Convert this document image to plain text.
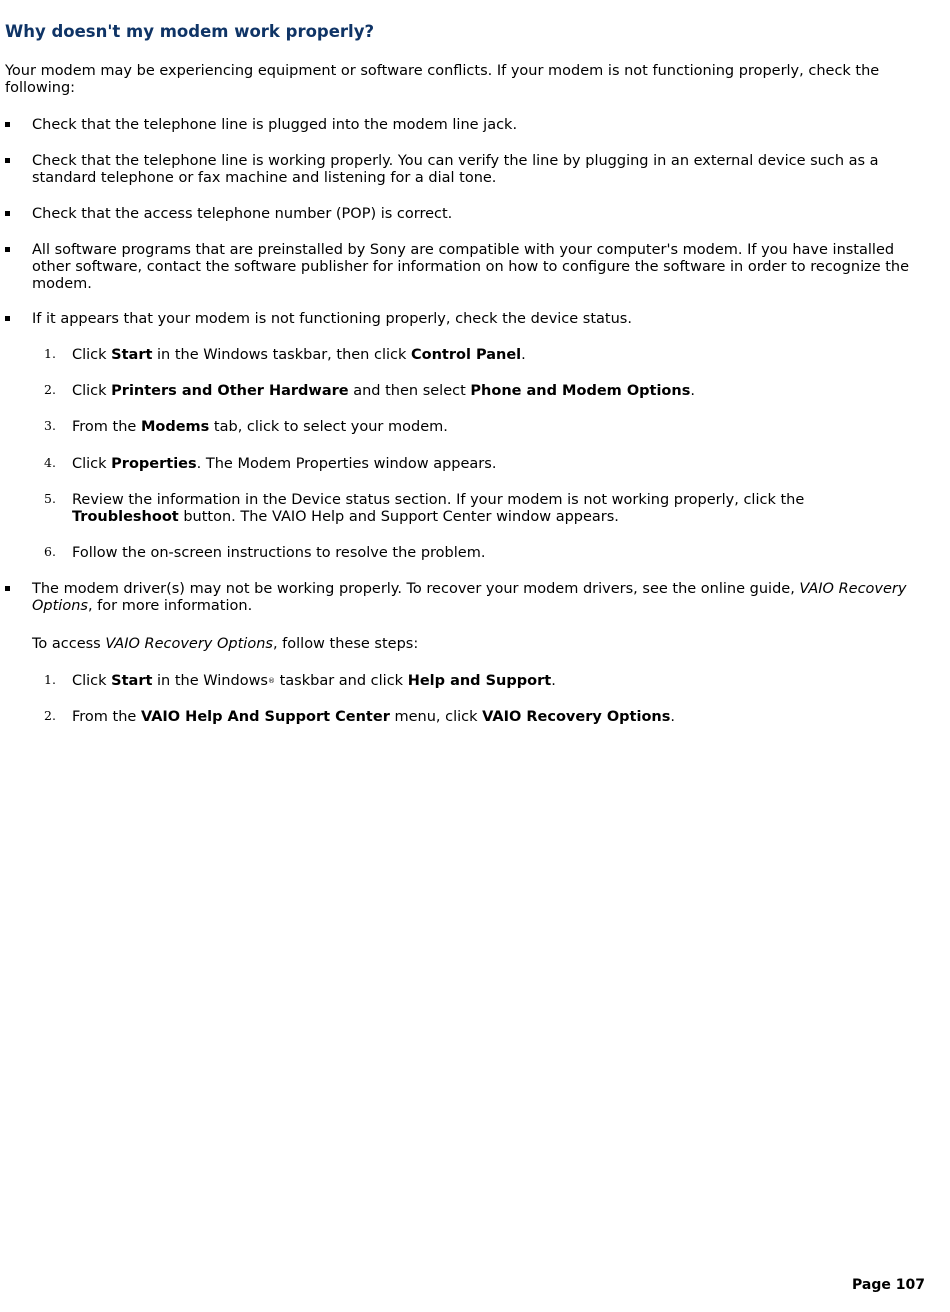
Why doesn't my modem work properly?

Your modem may be experiencing equipment or software conflicts. If your modem is not functioning properly, check the following:

Check that the telephone line is plugged into the modem line jack.
Check that the telephone line is working properly. You can verify the line by plugging in an external device such as a standard telephone or fax machine and listening for a dial tone.
Check that the access telephone number (POP) is correct.
All software programs that are preinstalled by Sony are compatible with your computer's modem. If you have installed other software, contact the software publisher for information on how to configure the software in order to recognize the modem.
If it appears that your modem is not functioning properly, check the device status.
1. Click Start in the Windows taskbar, then click Control Panel.
2. Click Printers and Other Hardware and then select Phone and Modem Options.
3. From the Modems tab, click to select your modem.
4. Click Properties. The Modem Properties window appears.
5. Review the information in the Device status section. If your modem is not working properly, click the Troubleshoot button. The VAIO Help and Support Center window appears.
6. Follow the on-screen instructions to resolve the problem.
The modem driver(s) may not be working properly. To recover your modem drivers, see the online guide, VAIO Recovery Options, for more information.

To access VAIO Recovery Options, follow these steps:

1. Click Start in the Windows® taskbar and click Help and Support.
2. From the VAIO Help And Support Center menu, click VAIO Recovery Options.
Page 107
